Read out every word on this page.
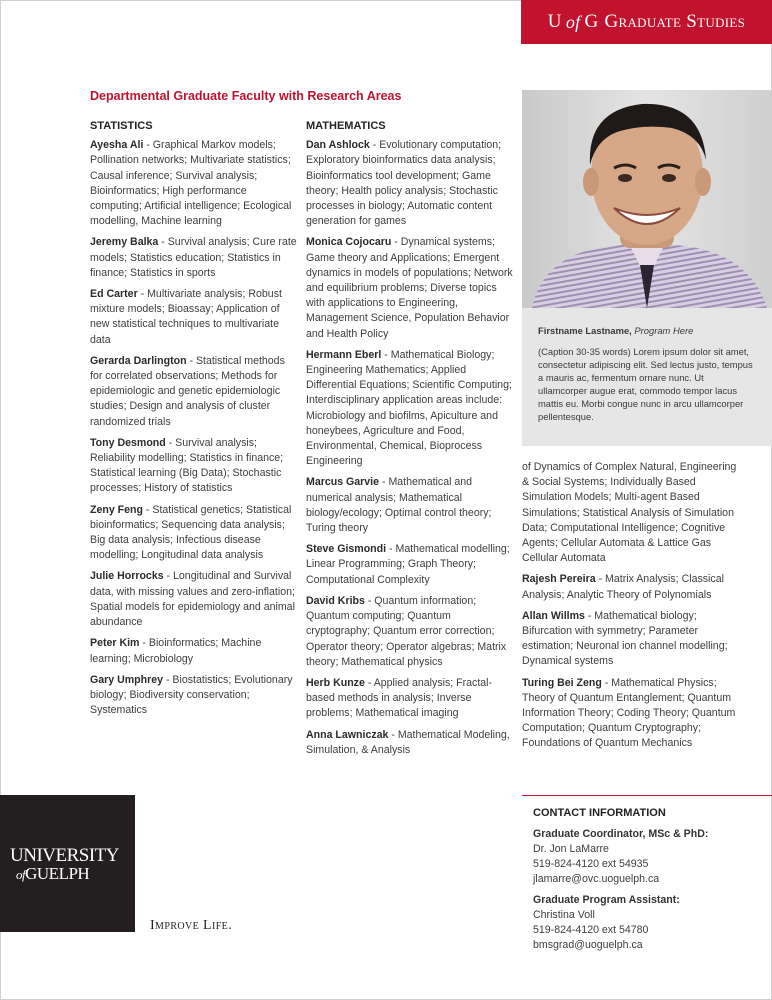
U of G Graduate Studies
Departmental Graduate Faculty with Research Areas
STATISTICS
Ayesha Ali - Graphical Markov models; Pollination networks; Multivariate statistics; Causal inference; Survival analysis; Bioinformatics; High performance computing; Artificial intelligence; Ecological modelling, Machine learning
Jeremy Balka - Survival analysis; Cure rate models; Statistics education; Statistics in finance; Statistics in sports
Ed Carter - Multivariate analysis; Robust mixture models; Bioassay; Application of new statistical techniques to multivariate data
Gerarda Darlington - Statistical methods for correlated observations; Methods for epidemiologic and genetic epidemiologic studies; Design and analysis of cluster randomized trials
Tony Desmond - Survival analysis; Reliability modelling; Statistics in finance; Statistical learning (Big Data); Stochastic processes; History of statistics
Zeny Feng - Statistical genetics; Statistical bioinformatics; Sequencing data analysis; Big data analysis; Infectious disease modelling; Longitudinal data analysis
Julie Horrocks - Longitudinal and Survival data, with missing values and zero-inflation; Spatial models for epidemiology and animal abundance
Peter Kim - Bioinformatics; Machine learning; Microbiology
Gary Umphrey - Biostatistics; Evolutionary biology; Biodiversity conservation; Systematics
MATHEMATICS
Dan Ashlock - Evolutionary computation; Exploratory bioinformatics data analysis; Bioinformatics tool development; Game theory; Health policy analysis; Stochastic processes in biology; Automatic content generation for games
Monica Cojocaru - Dynamical systems; Game theory and Applications; Emergent dynamics in models of populations; Network and equilibrium problems; Diverse topics with applications to Engineering, Management Science, Population Behavior and Health Policy
Hermann Eberl - Mathematical Biology; Engineering Mathematics; Applied Differential Equations; Scientific Computing; Interdisciplinary application areas include: Microbiology and biofilms, Apiculture and honeybees, Agriculture and Food, Environmental, Chemical, Bioprocess Engineering
Marcus Garvie - Mathematical and numerical analysis; Mathematical biology/ecology; Optimal control theory; Turing theory
Steve Gismondi - Mathematical modelling; Linear Programming; Graph Theory; Computational Complexity
David Kribs - Quantum information; Quantum computing; Quantum cryptography; Quantum error correction; Operator theory; Operator algebras; Matrix theory; Mathematical physics
Herb Kunze - Applied analysis; Fractal-based methods in analysis; Inverse problems; Mathematical imaging
Anna Lawniczak - Mathematical Modeling, Simulation, & Analysis

Firstname Lastname, Program Here

(Caption 30-35 words) Lorem ipsum dolor sit amet, consectetur adipiscing elit. Sed lectus justo, tempus a mauris ac, fermentum ornare nunc. Ut ullamcorper augue erat, commodo tempor lacus mattis eu. Morbi congue nunc in arcu ullamcorper pellentesque.

of Dynamics of Complex Natural, Engineering & Social Systems; Individually Based Simulation Models; Multi-agent Based Simulations; Statistical Analysis of Simulation Data; Computational Intelligence; Cognitive Agents; Cellular Automata & Lattice Gas Cellular Automata
Rajesh Pereira - Matrix Analysis; Classical Analysis; Analytic Theory of Polynomials
Allan Willms - Mathematical biology; Bifurcation with symmetry; Parameter estimation; Neuronal ion channel modelling; Dynamical systems
Turing Bei Zeng - Mathematical Physics; Theory of Quantum Entanglement; Quantum Information Theory; Coding Theory; Quantum Computation; Quantum Cryptography; Foundations of Quantum Mechanics
UNIVERSITY
ofGUELPH
Improve Life.
CONTACT INFORMATION
Graduate Coordinator, MSc & PhD:
Dr. Jon LaMarre
519-824-4120 ext 54935
jlamarre@ovc.uoguelph.ca
Graduate Program Assistant:
Christina Voll
519-824-4120 ext 54780
bmsgrad@uoguelph.ca
